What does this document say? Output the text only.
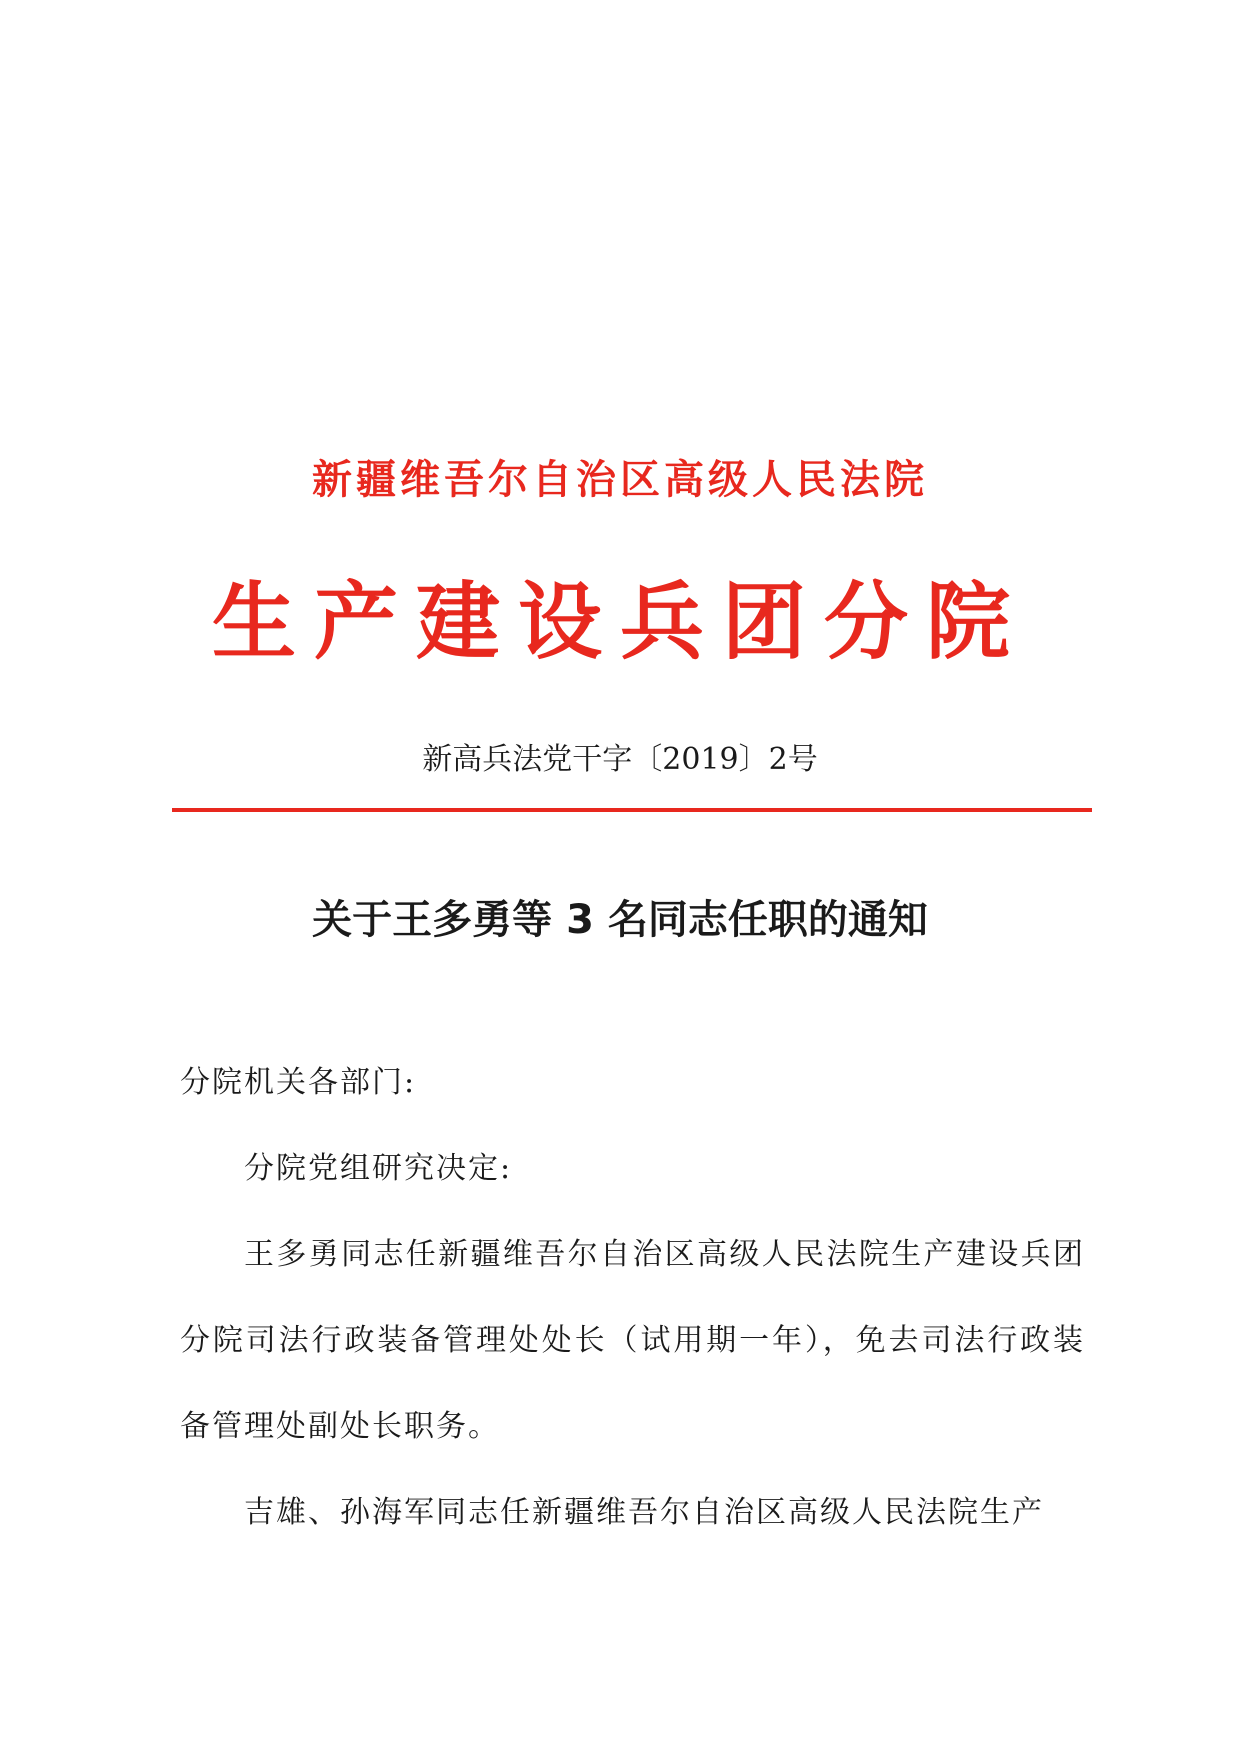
新疆维吾尔自治区高级人民法院
生产建设兵团分院
新高兵法党干字〔2019〕2号
关于王多勇等 3 名同志任职的通知
分院机关各部门:

分院党组研究决定:

王多勇同志任新疆维吾尔自治区高级人民法院生产建设兵团分院司法行政装备管理处处长（试用期一年），免去司法行政装备管理处副处长职务。

吉雄、孙海军同志任新疆维吾尔自治区高级人民法院生产
